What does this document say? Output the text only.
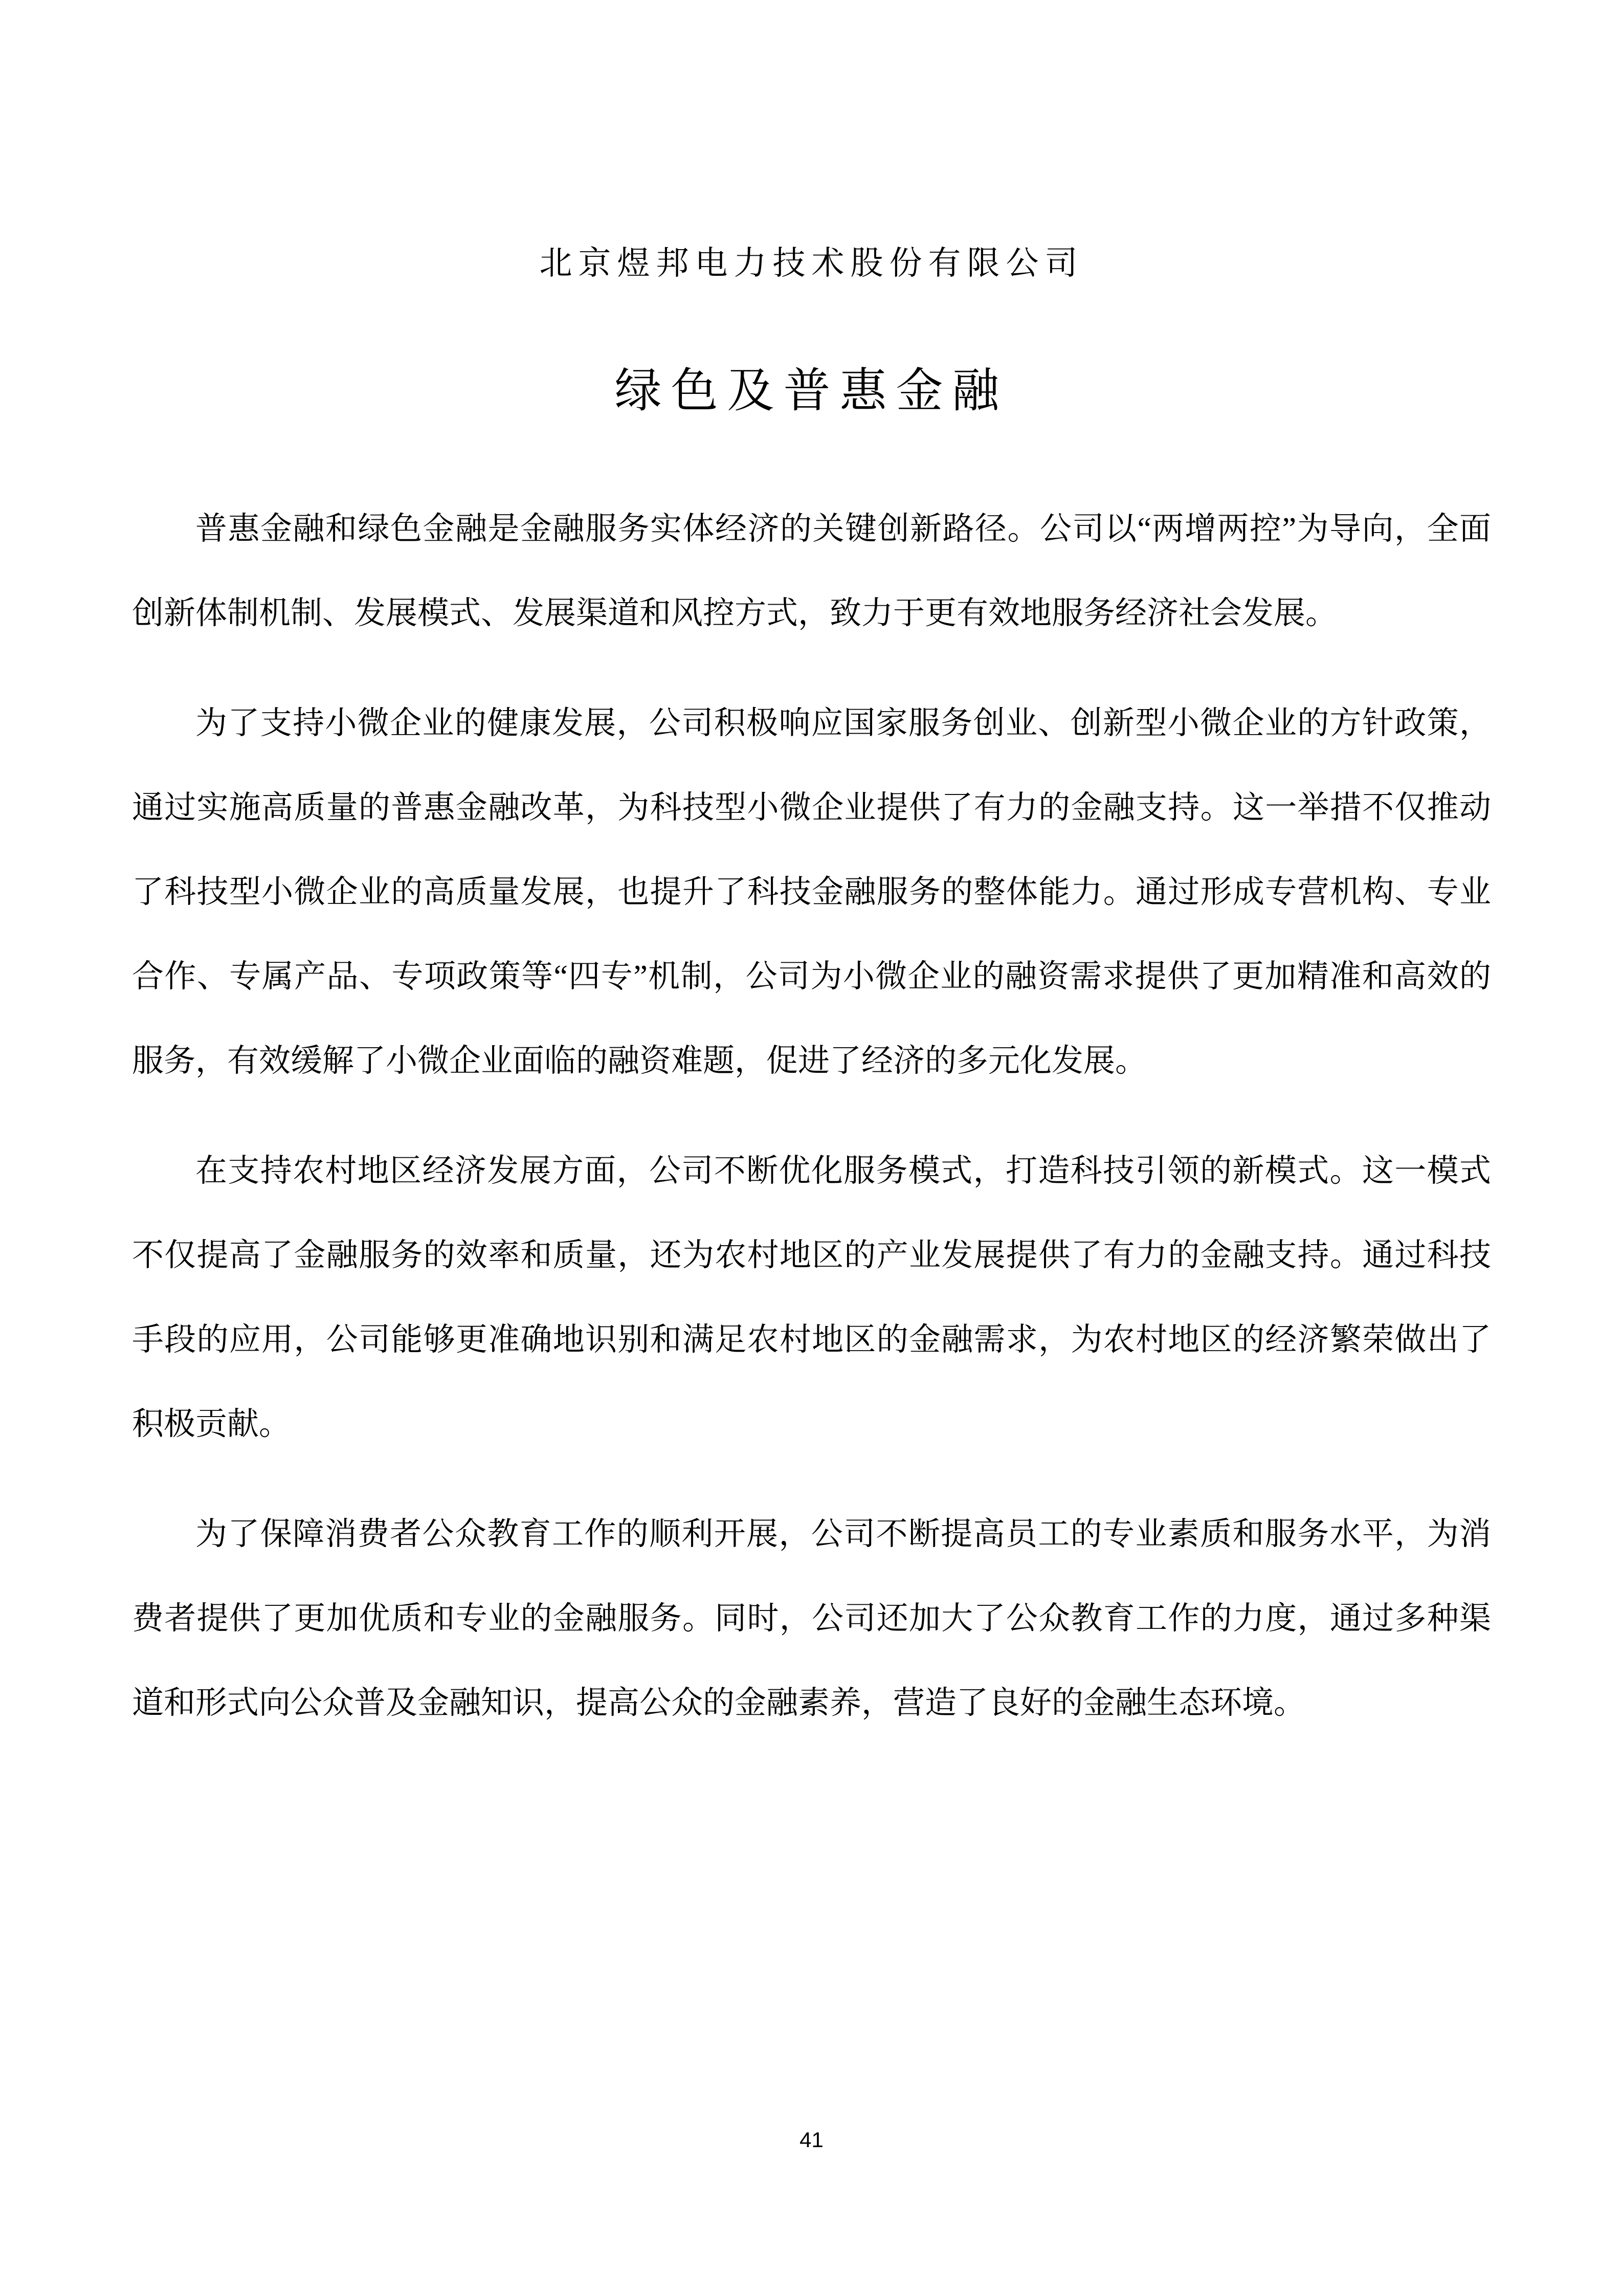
北京煜邦电力技术股份有限公司
绿色及普惠金融

普惠金融和绿色金融是金融服务实体经济的关键创新路径。公司以“两增两控”为导向，全面创新体制机制、发展模式、发展渠道和风控方式，致力于更有效地服务经济社会发展。

为了支持小微企业的健康发展，公司积极响应国家服务创业、创新型小微企业的方针政策，通过实施高质量的普惠金融改革，为科技型小微企业提供了有力的金融支持。这一举措不仅推动了科技型小微企业的高质量发展，也提升了科技金融服务的整体能力。通过形成专营机构、专业合作、专属产品、专项政策等“四专”机制，公司为小微企业的融资需求提供了更加精准和高效的服务，有效缓解了小微企业面临的融资难题，促进了经济的多元化发展。

在支持农村地区经济发展方面，公司不断优化服务模式，打造科技引领的新模式。这一模式不仅提高了金融服务的效率和质量，还为农村地区的产业发展提供了有力的金融支持。通过科技手段的应用，公司能够更准确地识别和满足农村地区的金融需求，为农村地区的经济繁荣做出了积极贡献。

为了保障消费者公众教育工作的顺利开展，公司不断提高员工的专业素质和服务水平，为消费者提供了更加优质和专业的金融服务。同时，公司还加大了公众教育工作的力度，通过多种渠道和形式向公众普及金融知识，提高公众的金融素养，营造了良好的金融生态环境。

41
